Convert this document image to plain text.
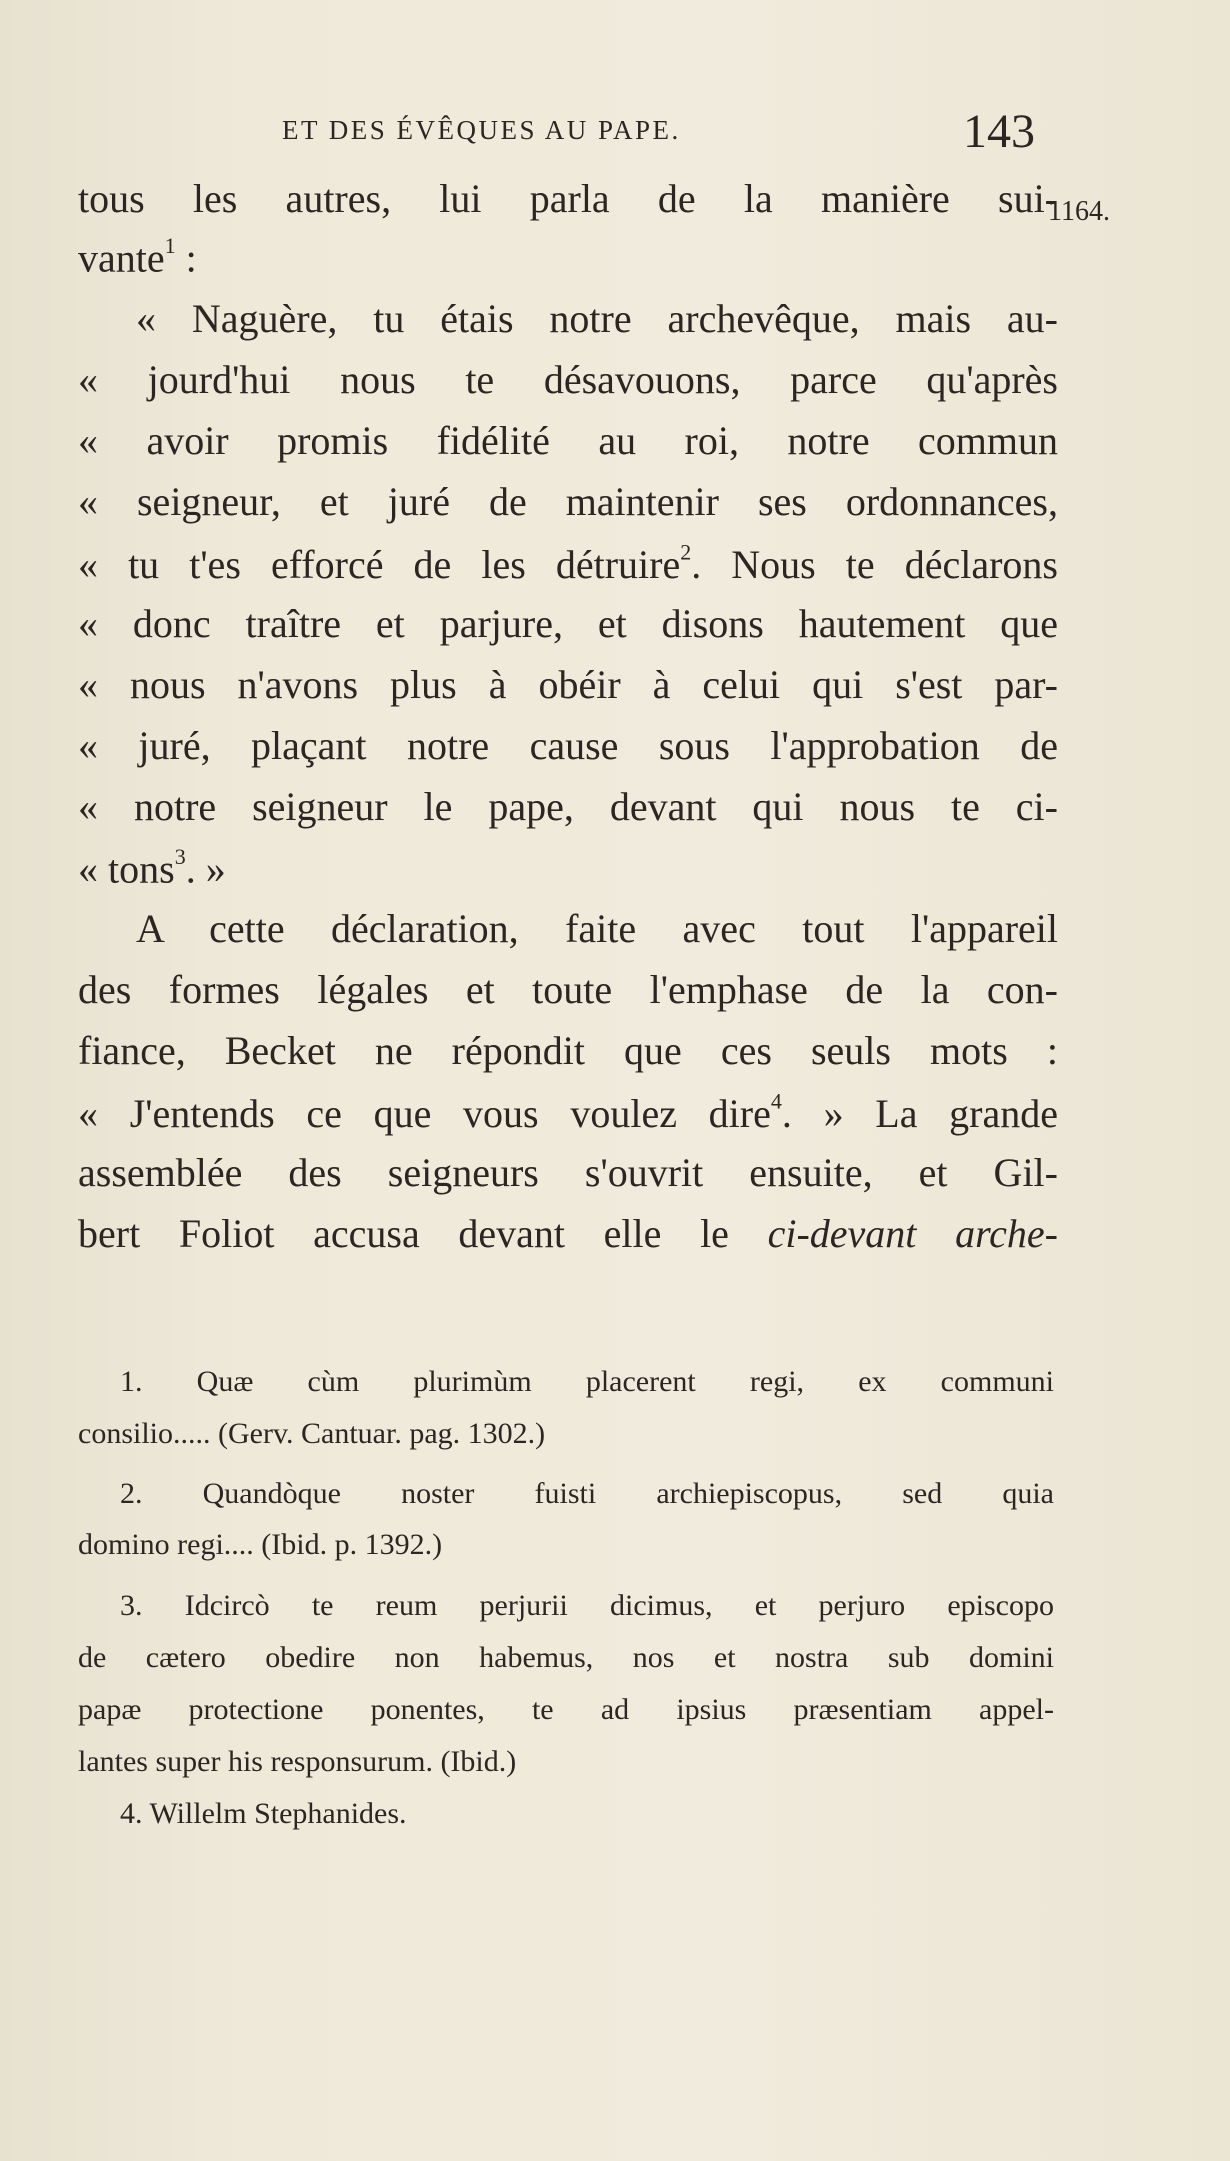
ET DES ÉVÊQUES AU PAPE.	143
1164.
tous les autres, lui parla de la manière sui-
vante$^1$ :
« Naguère, tu étais notre archevêque, mais au-
« jourd'hui nous te désavouons, parce qu'après
« avoir promis fidélité au roi, notre commun
« seigneur, et juré de maintenir ses ordonnances,
« tu t'es efforcé de les détruire$^2$. Nous te déclarons
« donc traître et parjure, et disons hautement que
« nous n'avons plus à obéir à celui qui s'est par-
« juré, plaçant notre cause sous l'approbation de
« notre seigneur le pape, devant qui nous te ci-
« tons$^3$. »
A cette déclaration, faite avec tout l'appareil
des formes légales et toute l'emphase de la con-
fiance, Becket ne répondit que ces seuls mots :
« J'entends ce que vous voulez dire$^4$. » La grande
assemblée des seigneurs s'ouvrit ensuite, et Gil-
bert Foliot accusa devant elle le ci-devant arche-
1. Quæ cùm plurimùm placerent regi, ex communi
consilio..... (Gerv. Cantuar. pag. 1302.)
2. Quandòque noster fuisti archiepiscopus, sed quia
domino regi.... (Ibid. p. 1392.)
3. Idcircò te reum perjurii dicimus, et perjuro episcopo
de cætero obedire non habemus, nos et nostra sub domini
papæ protectione ponentes, te ad ipsius præsentiam appel-
lantes super his responsurum. (Ibid.)
4. Willelm Stephanides.
